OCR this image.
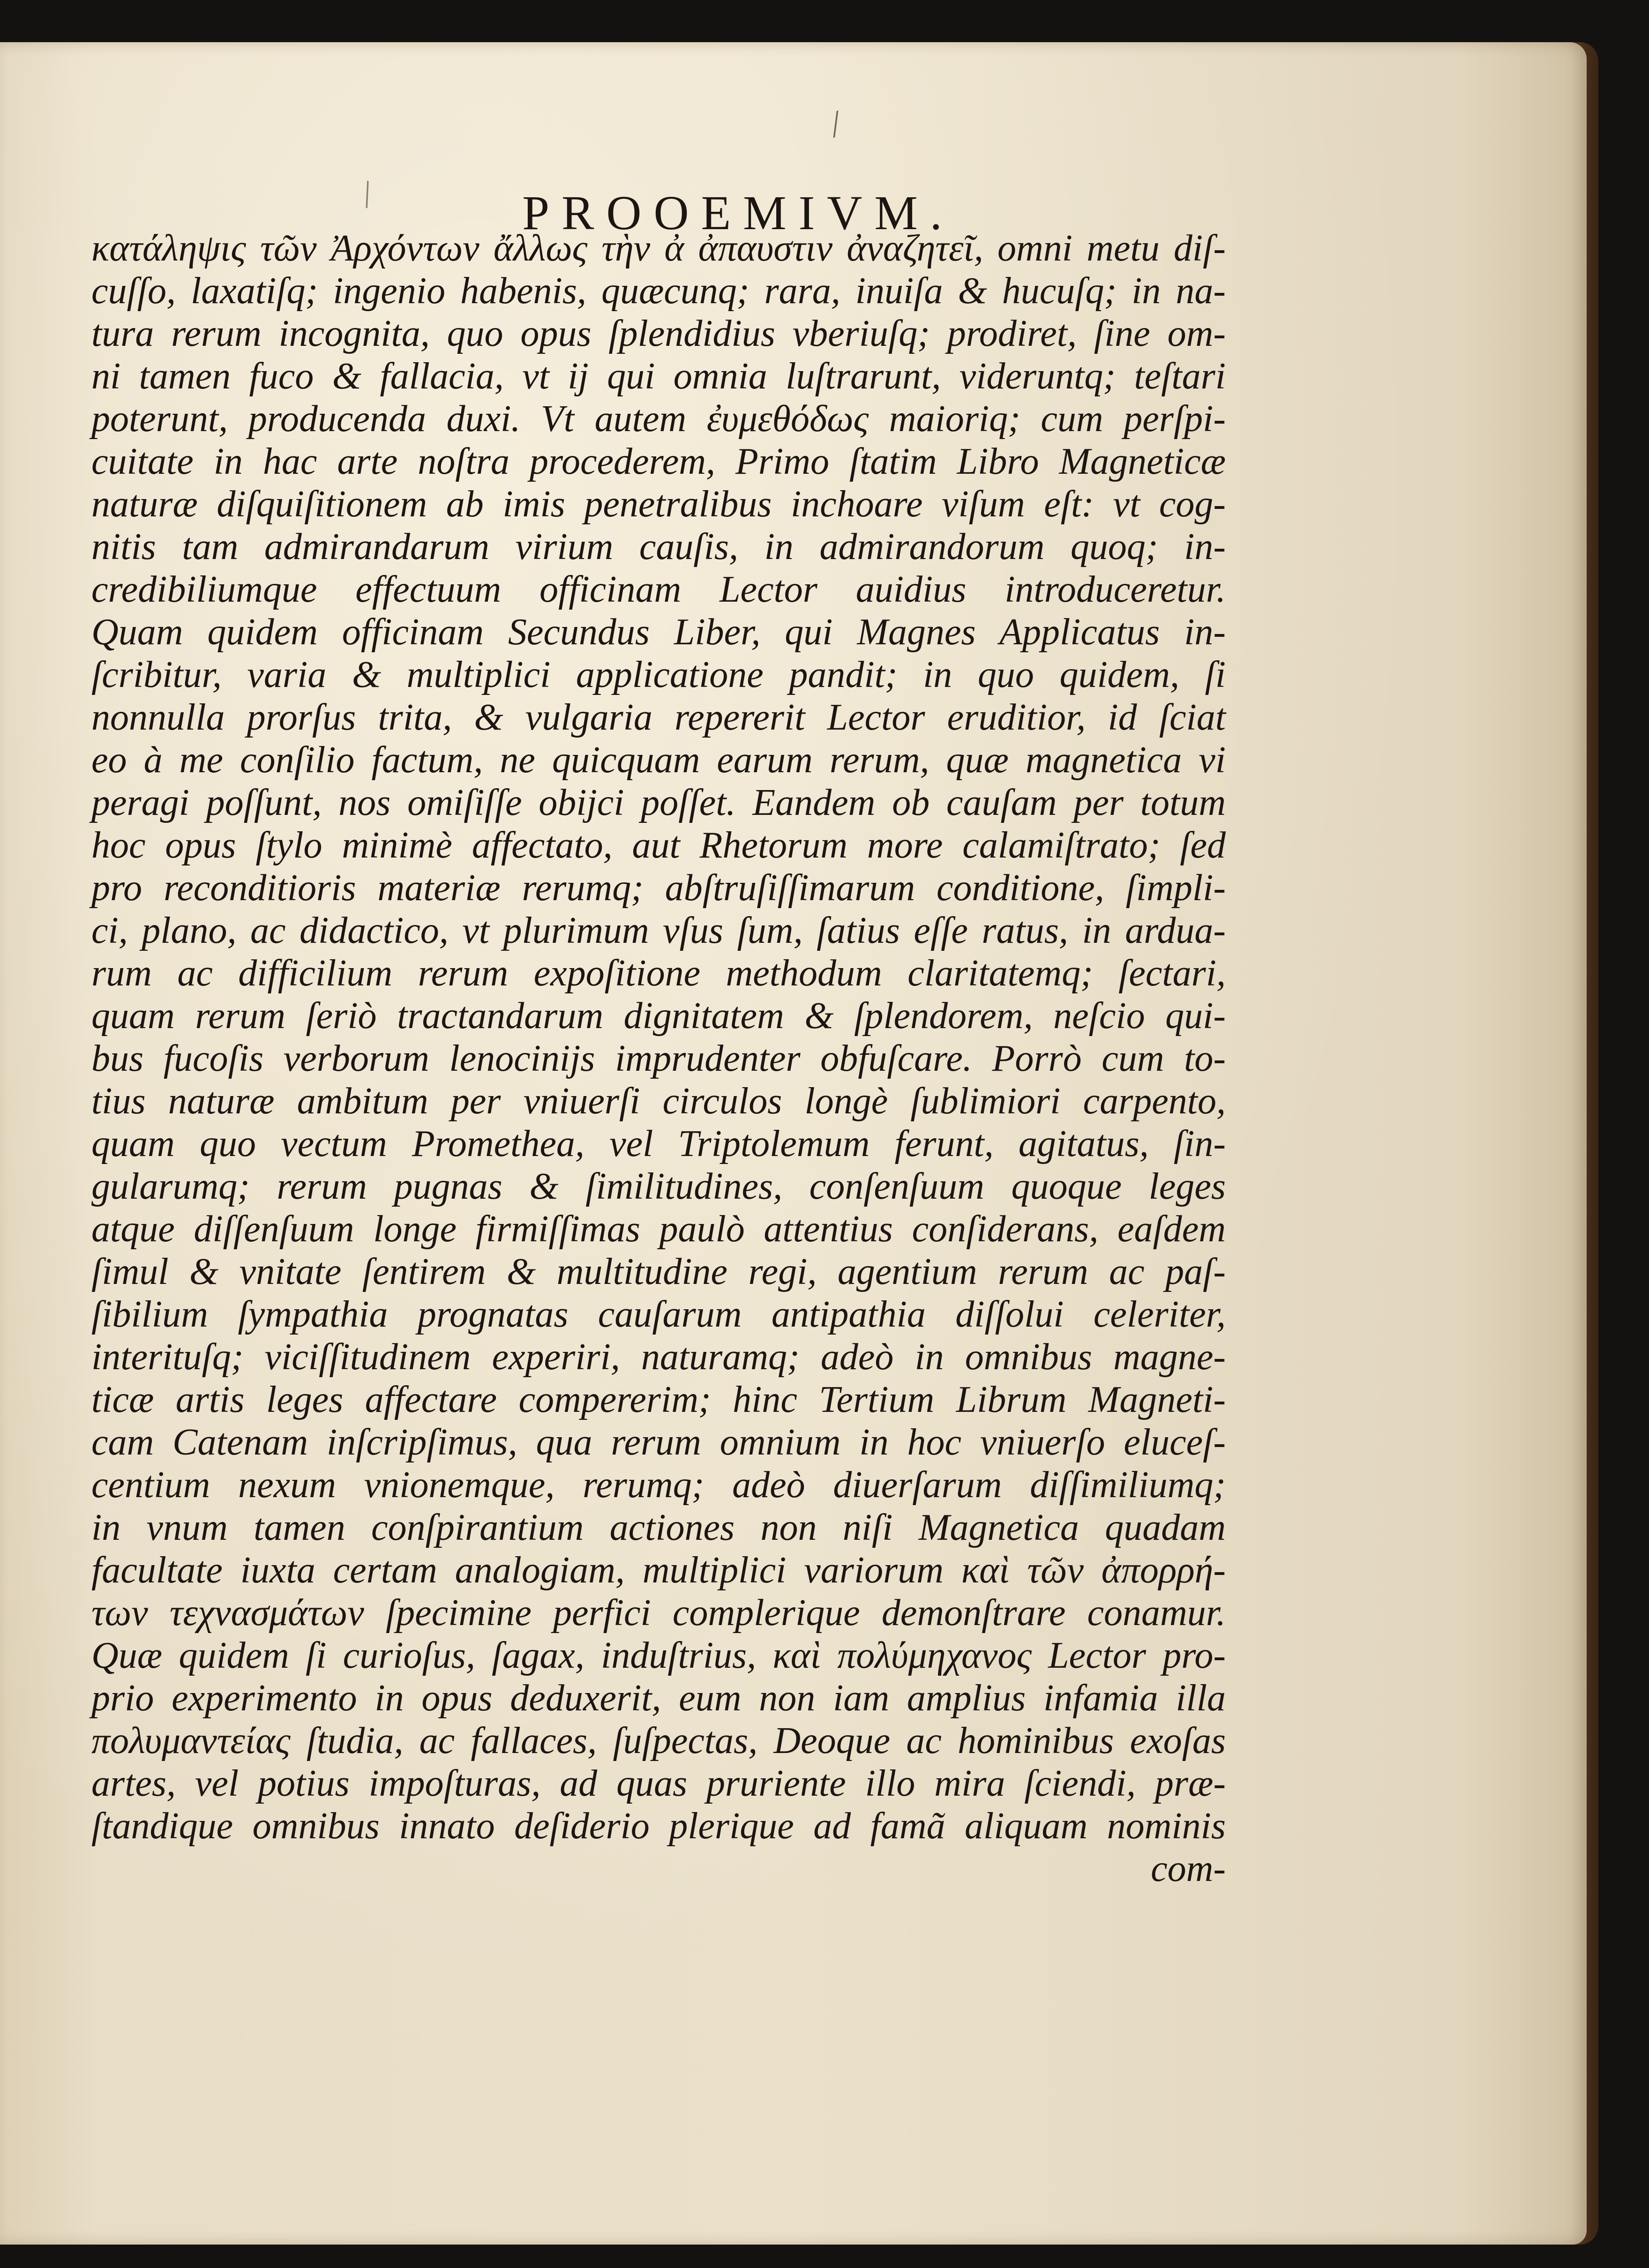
╱
╲	PROOEMIVM.
κατάληψις τῶν Ἀρχόντων ἄλλως τὴν ἀ ἀπαυστιν ἀναζητεῖ, omni metu diſ-
cuſſo, laxatiſq; ingenio habenis, quæcunq; rara, inuiſa & hucuſq; in na-
tura rerum incognita, quo opus ſplendidius vberiuſq; prodiret, ſine om-
ni tamen fuco & fallacia, vt ij qui omnia luſtrarunt, videruntq; teſtari
poterunt, producenda duxi. Vt autem ἐυμεθόδως maioriq; cum perſpi-
cuitate in hac arte noſtra procederem, Primo ſtatim Libro Magneticæ
naturæ diſquiſitionem ab imis penetralibus inchoare viſum eſt: vt cog-
nitis tam admirandarum virium cauſis, in admirandorum quoq; in-
credibiliumque effectuum officinam Lector auidius introduceretur.
Quam quidem officinam Secundus Liber, qui Magnes Applicatus in-
ſcribitur, varia & multiplici applicatione pandit; in quo quidem, ſi
nonnulla prorſus trita, & vulgaria repererit Lector eruditior, id ſciat
eo à me conſilio factum, ne quicquam earum rerum, quæ magnetica vi
peragi poſſunt, nos omiſiſſe obijci poſſet. Eandem ob cauſam per totum
hoc opus ſtylo minimè affectato, aut Rhetorum more calamiſtrato; ſed
pro reconditioris materiæ rerumq; abſtruſiſſimarum conditione, ſimpli-
ci, plano, ac didactico, vt plurimum vſus ſum, ſatius eſſe ratus, in ardua-
rum ac difficilium rerum expoſitione methodum claritatemq; ſectari,
quam rerum ſeriò tractandarum dignitatem & ſplendorem, neſcio qui-
bus fucoſis verborum lenocinijs imprudenter obfuſcare. Porrò cum to-
tius naturæ ambitum per vniuerſi circulos longè ſublimiori carpento,
quam quo vectum Promethea, vel Triptolemum ferunt, agitatus, ſin-
gularumq; rerum pugnas & ſimilitudines, conſenſuum quoque leges
atque diſſenſuum longe firmiſſimas paulò attentius conſiderans, eaſdem
ſimul & vnitate ſentirem & multitudine regi, agentium rerum ac paſ-
ſibilium ſympathia prognatas cauſarum antipathia diſſolui celeriter,
interituſq; viciſſitudinem experiri, naturamq; adeò in omnibus magne-
ticæ artis leges affectare compererim; hinc Tertium Librum Magneti-
cam Catenam inſcripſimus, qua rerum omnium in hoc vniuerſo eluceſ-
centium nexum vnionemque, rerumq; adeò diuerſarum diſſimiliumq;
in vnum tamen conſpirantium actiones non niſi Magnetica quadam
facultate iuxta certam analogiam, multiplici variorum καὶ τῶν ἀπορρή-
των τεχνασμάτων ſpecimine perfici complerique demonſtrare conamur.
Quæ quidem ſi curioſus, ſagax, induſtrius, καὶ πολύμηχανος Lector pro-
prio experimento in opus deduxerit, eum non iam amplius infamia illa
πολυμαντείας ſtudia, ac fallaces, ſuſpectas, Deoque ac hominibus exoſas
artes, vel potius impoſturas, ad quas pruriente illo mira ſciendi, præ-
ſtandique omnibus innato deſiderio plerique ad famã aliquam nominis
com-
